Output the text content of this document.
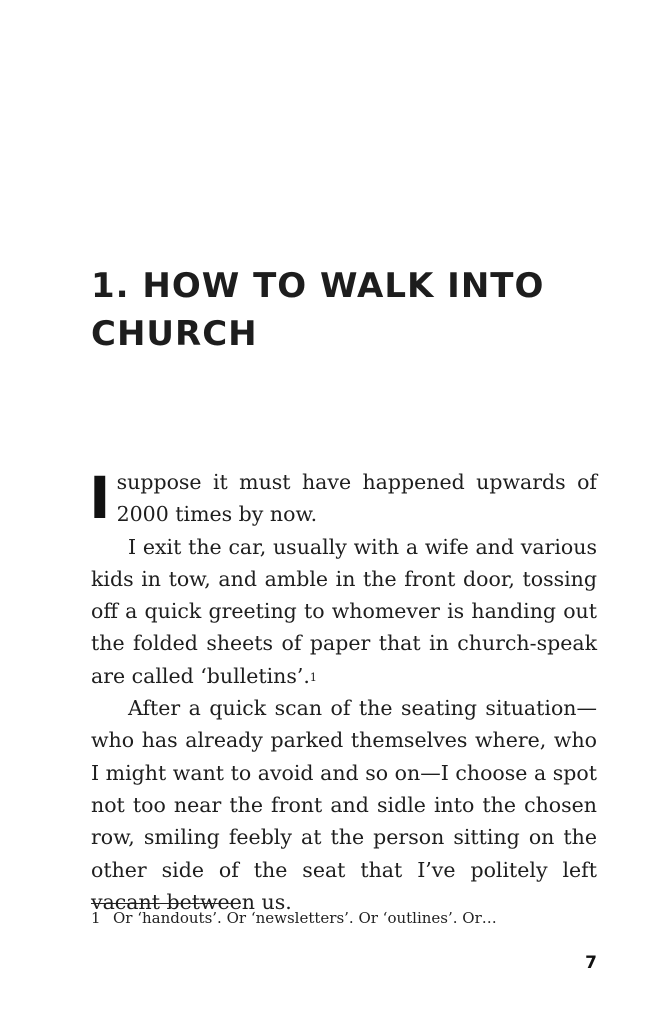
1. HOW TO WALK INTO CHURCH

Isuppose it must have happened upwards of 2000 times by now.

I exit the car, usually with a wife and various kids in tow, and amble in the front door, tossing off a quick greeting to whomever is handing out the folded sheets of paper that in church-speak are called ‘bulletins’.$^1$

After a quick scan of the seating situation—who has already parked themselves where, who I might want to avoid and so on—I choose a spot not too near the front and sidle into the chosen row, smiling feebly at the person sitting on the other side of the seat that I’ve politely left vacant between us.

1 Or ‘handouts’. Or ‘newsletters’. Or ‘outlines’. Or…
7
